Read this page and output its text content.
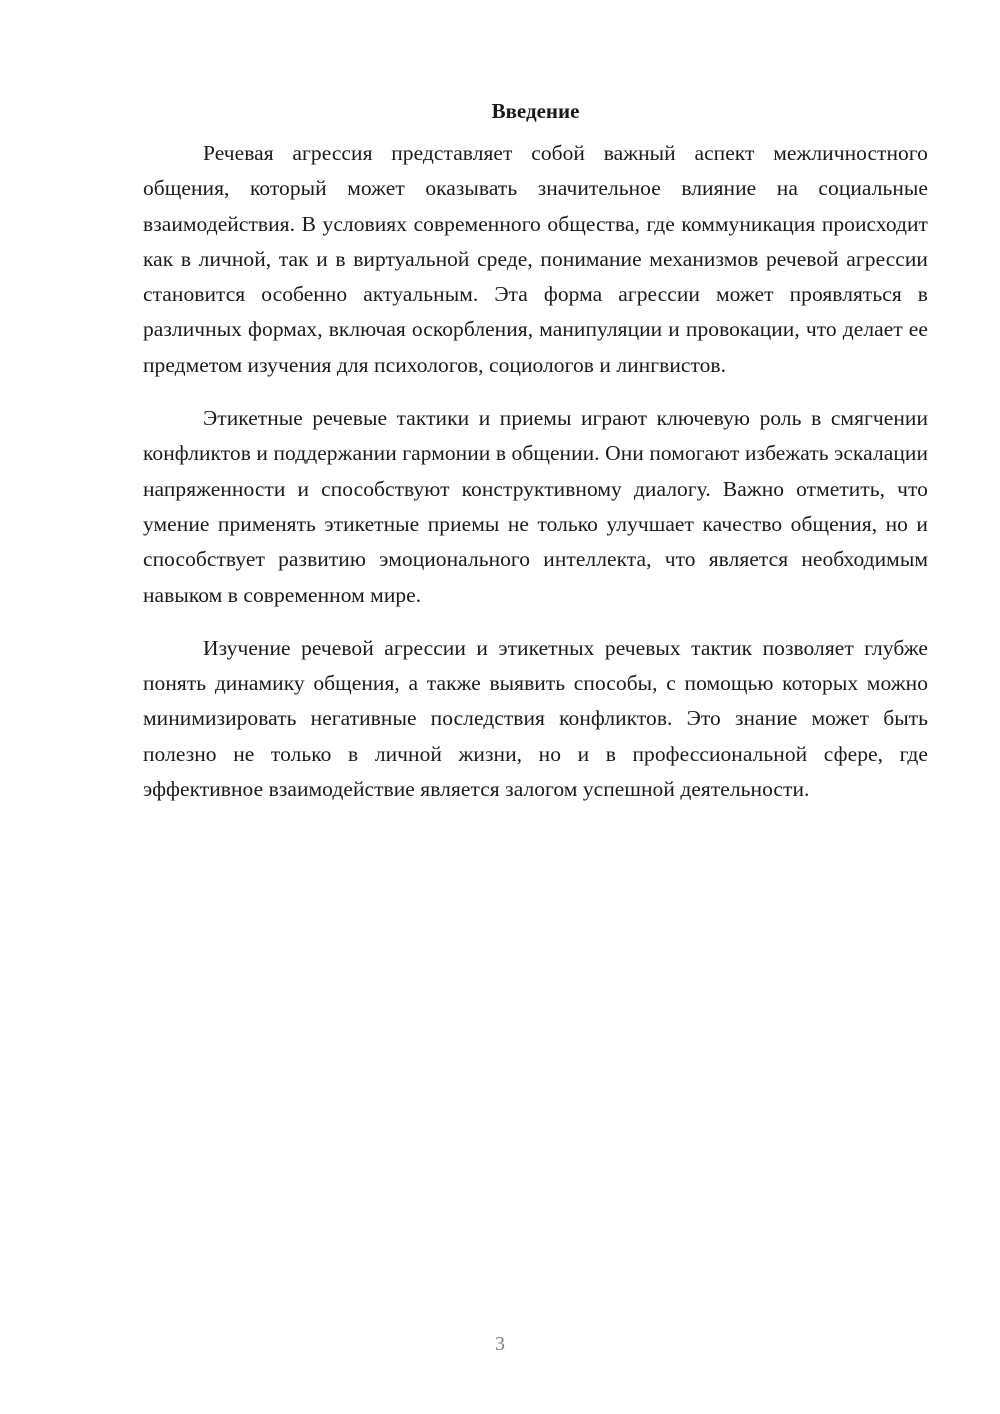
Введение

Речевая агрессия представляет собой важный аспект межличностного общения, который может оказывать значительное влияние на социальные взаимодействия. В условиях современного общества, где коммуникация происходит как в личной, так и в виртуальной среде, понимание механизмов речевой агрессии становится особенно актуальным. Эта форма агрессии может проявляться в различных формах, включая оскорбления, манипуляции и провокации, что делает ее предметом изучения для психологов, социологов и лингвистов.

Этикетные речевые тактики и приемы играют ключевую роль в смягчении конфликтов и поддержании гармонии в общении. Они помогают избежать эскалации напряженности и способствуют конструктивному диалогу. Важно отметить, что умение применять этикетные приемы не только улучшает качество общения, но и способствует развитию эмоционального интеллекта, что является необходимым навыком в современном мире.

Изучение речевой агрессии и этикетных речевых тактик позволяет глубже понять динамику общения, а также выявить способы, с помощью которых можно минимизировать негативные последствия конфликтов. Это знание может быть полезно не только в личной жизни, но и в профессиональной сфере, где эффективное взаимодействие является залогом успешной деятельности.

3
